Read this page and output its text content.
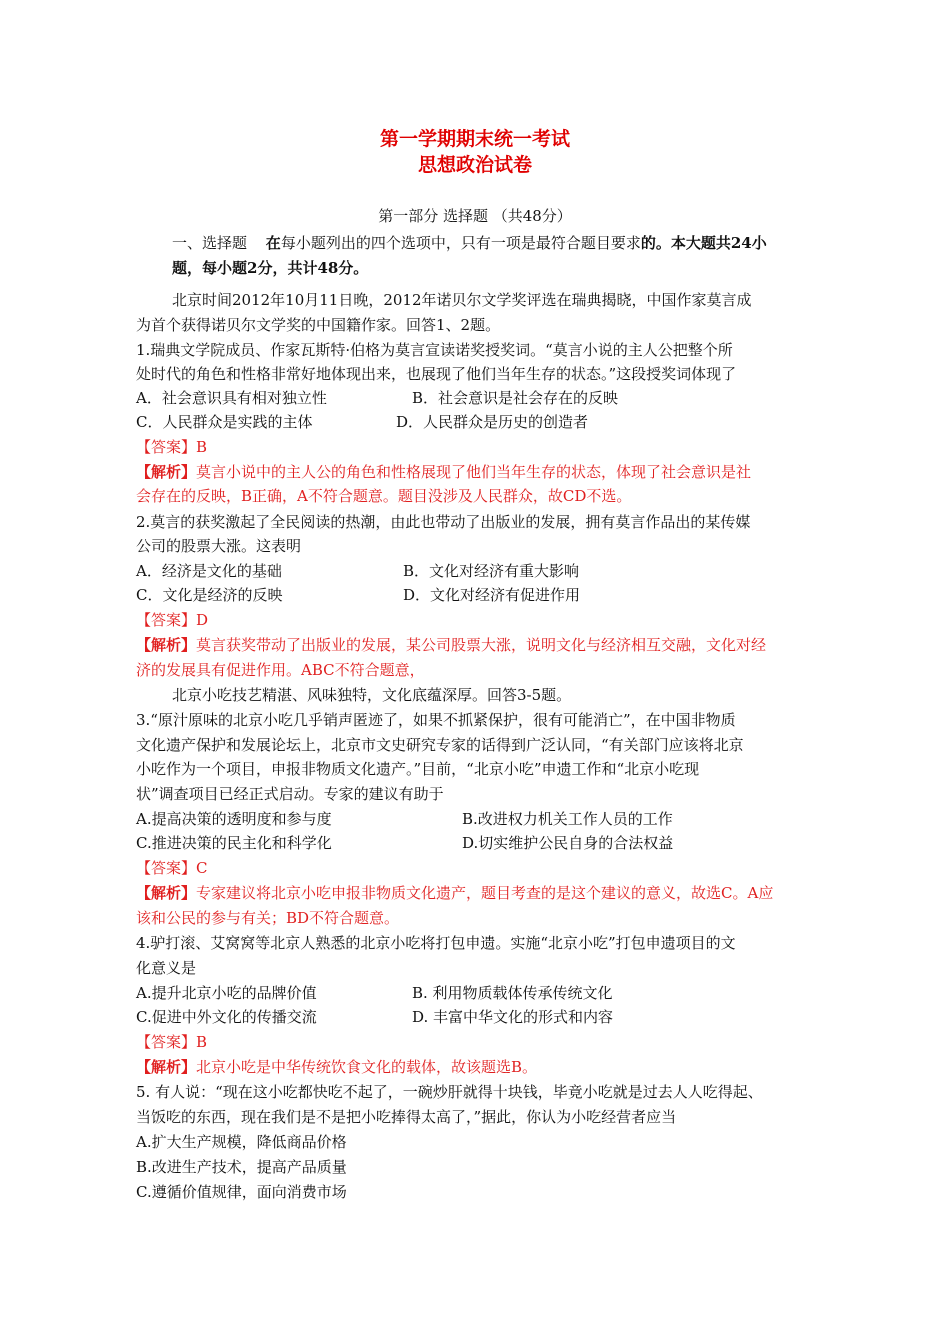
第一学期期末统一考试
思想政治试卷
第一部分 选择题 （共48分）
一、选择题 在每小题列出的四个选项中，只有一项是最符合题目要求的。本大题共24小
题，每小题2分，共计48分。
北京时间2012年10月11日晚，2012年诺贝尔文学奖评选在瑞典揭晓，中国作家莫言成
为首个获得诺贝尔文学奖的中国籍作家。回答1、2题。
1.瑞典文学院成员、作家瓦斯特·伯格为莫言宣读诺奖授奖词。“莫言小说的主人公把整个所
处时代的角色和性格非常好地体现出来，也展现了他们当年生存的状态。”这段授奖词体现了
A．社会意识具有相对独立性	B．社会意识是社会存在的反映
C．人民群众是实践的主体	D．人民群众是历史的创造者
【答案】B
【解析】莫言小说中的主人公的角色和性格展现了他们当年生存的状态，体现了社会意识是社
会存在的反映，B正确，A不符合题意。题目没涉及人民群众，故CD不选。
2.莫言的获奖激起了全民阅读的热潮，由此也带动了出版业的发展，拥有莫言作品出的某传媒
公司的股票大涨。这表明
A．经济是文化的基础	B．文化对经济有重大影响
C．文化是经济的反映	D．文化对经济有促进作用
【答案】D
【解析】莫言获奖带动了出版业的发展，某公司股票大涨，说明文化与经济相互交融，文化对经
济的发展具有促进作用。ABC不符合题意，
北京小吃技艺精湛、风味独特，文化底蕴深厚。回答3-5题。
3.“原汁原味的北京小吃几乎销声匿迹了，如果不抓紧保护，很有可能消亡”，在中国非物质
文化遗产保护和发展论坛上，北京市文史研究专家的话得到广泛认同，“有关部门应该将北京
小吃作为一个项目，申报非物质文化遗产。”目前，“北京小吃”申遗工作和“北京小吃现
状”调查项目已经正式启动。专家的建议有助于
A.提高决策的透明度和参与度	B.改进权力机关工作人员的工作
C.推进决策的民主化和科学化	D.切实维护公民自身的合法权益
【答案】C
【解析】专家建议将北京小吃申报非物质文化遗产，题目考查的是这个建议的意义，故选C。A应
该和公民的参与有关；BD不符合题意。
4.驴打滚、艾窝窝等北京人熟悉的北京小吃将打包申遗。实施“北京小吃”打包申遗项目的文
化意义是
A.提升北京小吃的品牌价值	B. 利用物质载体传承传统文化
C.促进中外文化的传播交流	D. 丰富中华文化的形式和内容
【答案】B
【解析】北京小吃是中华传统饮食文化的载体，故该题选B。
5. 有人说：“现在这小吃都快吃不起了，一碗炒肝就得十块钱，毕竟小吃就是过去人人吃得起、
当饭吃的东西，现在我们是不是把小吃捧得太高了，”据此，你认为小吃经营者应当
A.扩大生产规模，降低商品价格
B.改进生产技术，提高产品质量
C.遵循价值规律，面向消费市场
